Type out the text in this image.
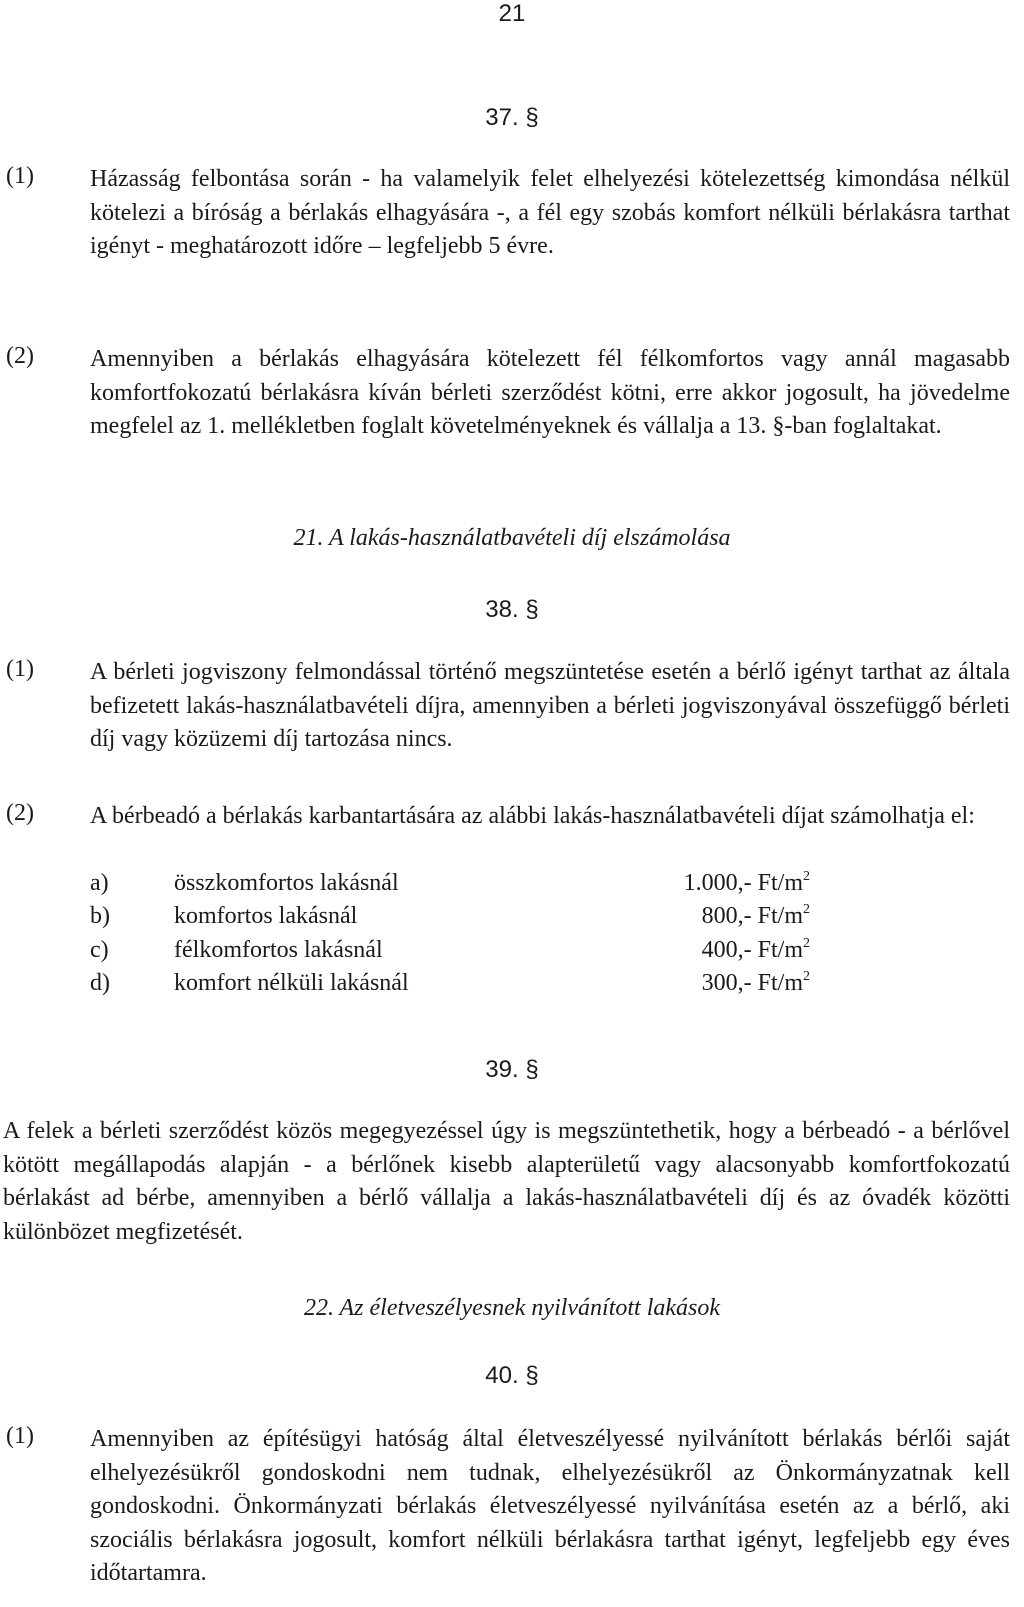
21
37. §
(1) Házasság felbontása során - ha valamelyik felet elhelyezési kötelezettség kimondása nélkül kötelezi a bíróság a bérlakás elhagyására -, a fél egy szobás komfort nélküli bérlakásra tarthat igényt - meghatározott időre – legfeljebb 5 évre.
(2) Amennyiben a bérlakás elhagyására kötelezett fél félkomfortos vagy annál magasabb komfortfokozatú bérlakásra kíván bérleti szerződést kötni, erre akkor jogosult, ha jövedelme megfelel az 1. mellékletben foglalt követelményeknek és vállalja a 13. §-ban foglaltakat.
21. A lakás-használatbavételi díj elszámolása
38. §
(1) A bérleti jogviszony felmondással történő megszüntetése esetén a bérlő igényt tarthat az általa befizetett lakás-használatbavételi díjra, amennyiben a bérleti jogviszonyával összefüggő bérleti díj vagy közüzemi díj tartozása nincs.
(2) A bérbeadó a bérlakás karbantartására az alábbi lakás-használatbavételi díjat számolhatja el:
a)	összkomfortos lakásnál	1.000,- $Ft/m^2$
b)	komfortos lakásnál	800,- $Ft/m^2$
c)	félkomfortos lakásnál	400,- $Ft/m^2$
d)	komfort nélküli lakásnál	300,- $Ft/m^2$
39. §
A felek a bérleti szerződést közös megegyezéssel úgy is megszüntethetik, hogy a bérbeadó - a bérlővel kötött megállapodás alapján - a bérlőnek kisebb alapterületű vagy alacsonyabb komfortfokozatú bérlakást ad bérbe, amennyiben a bérlő vállalja a lakás-használatbavételi díj és az óvadék közötti különbözet megfizetését.
22. Az életveszélyesnek nyilvánított lakások
40. §
(1) Amennyiben az építésügyi hatóság által életveszélyessé nyilvánított bérlakás bérlői saját elhelyezésükről gondoskodni nem tudnak, elhelyezésükről az Önkormányzatnak kell gondoskodni. Önkormányzati bérlakás életveszélyessé nyilvánítása esetén az a bérlő, aki szociális bérlakásra jogosult, komfort nélküli bérlakásra tarthat igényt, legfeljebb egy éves időtartamra.
